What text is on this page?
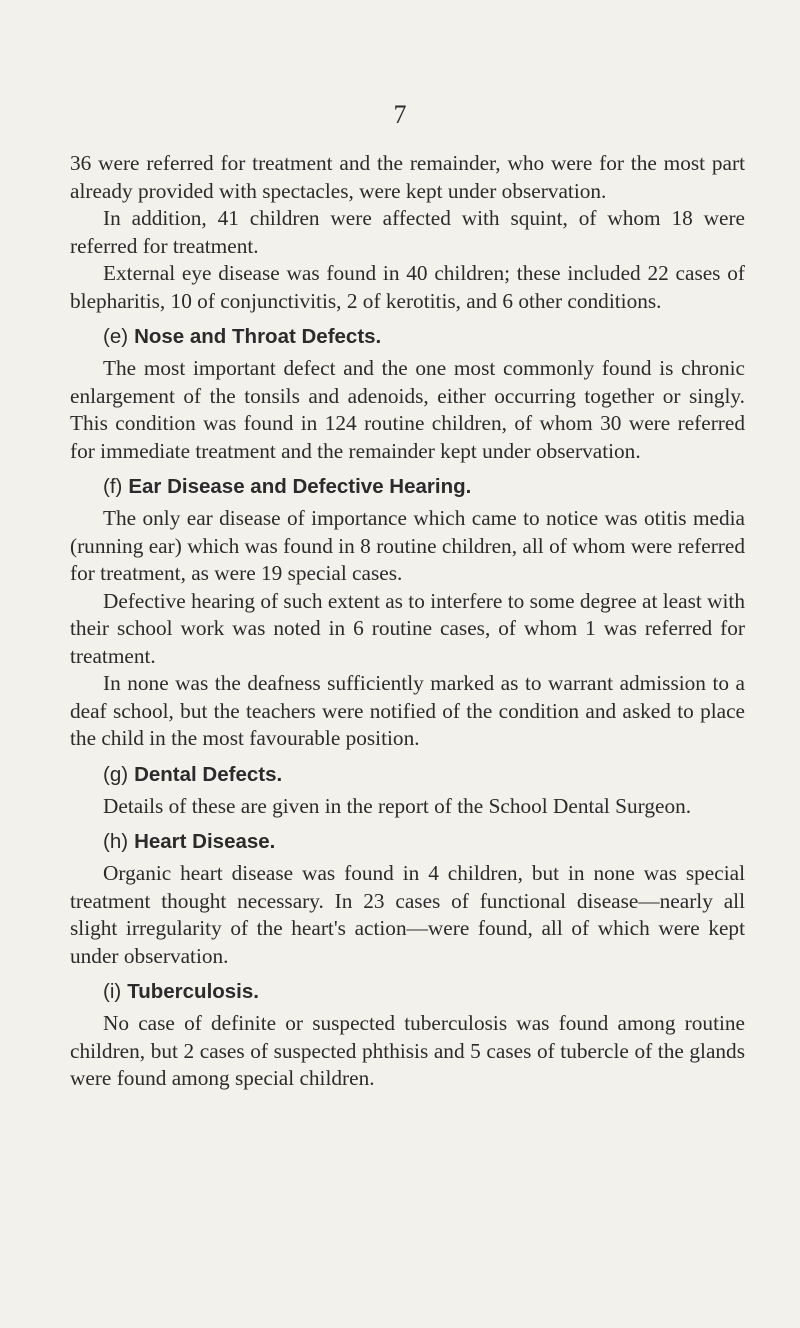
7

36 were referred for treatment and the remainder, who were for the most part already provided with spectacles, were kept under observation.

In addition, 41 children were affected with squint, of whom 18 were referred for treatment.

External eye disease was found in 40 children; these included 22 cases of blepharitis, 10 of conjunctivitis, 2 of kerotitis, and 6 other conditions.

(e) Nose and Throat Defects.

The most important defect and the one most commonly found is chronic enlargement of the tonsils and adenoids, either occurring together or singly. This condition was found in 124 routine children, of whom 30 were referred for immediate treatment and the remainder kept under observation.

(f) Ear Disease and Defective Hearing.

The only ear disease of importance which came to notice was otitis media (running ear) which was found in 8 routine children, all of whom were referred for treatment, as were 19 special cases.

Defective hearing of such extent as to interfere to some degree at least with their school work was noted in 6 routine cases, of whom 1 was referred for treatment.

In none was the deafness sufficiently marked as to warrant admission to a deaf school, but the teachers were notified of the condition and asked to place the child in the most favourable position.

(g) Dental Defects.

Details of these are given in the report of the School Dental Surgeon.

(h) Heart Disease.

Organic heart disease was found in 4 children, but in none was special treatment thought necessary. In 23 cases of functional disease—nearly all slight irregularity of the heart's action—were found, all of which were kept under observation.

(i) Tuberculosis.

No case of definite or suspected tuberculosis was found among routine children, but 2 cases of suspected phthisis and 5 cases of tubercle of the glands were found among special children.
